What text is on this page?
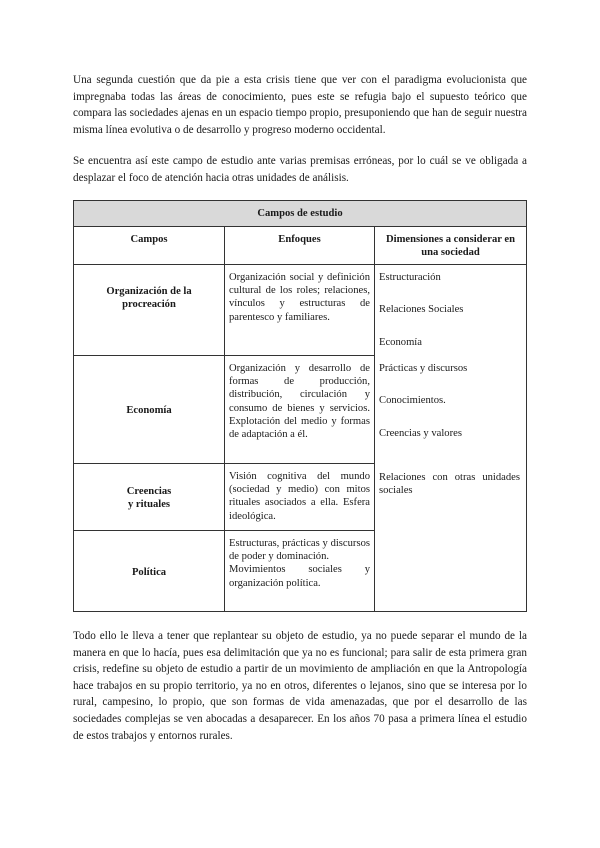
Una segunda cuestión que da pie a esta crisis tiene que ver con el paradigma evolucionista que impregnaba todas las áreas de conocimiento, pues este se refugia bajo el supuesto teórico que compara las sociedades ajenas en un espacio tiempo propio, presuponiendo que han de seguir nuestra misma línea evolutiva o de desarrollo y progreso moderno occidental.

Se encuentra así este campo de estudio ante varias premisas erróneas, por lo cuál se ve obligada a desplazar el foco de atención hacia otras unidades de análisis.

Campos de estudio
Campos	Enfoques	Dimensiones a considerar en una sociedad
Organización de la
procreación
Economía
Creencias
y rituales
Política
Organización social y definición cultural de los roles; relaciones, vínculos y estructuras de parentesco y familiares.
Organización y desarrollo de formas de producción, distribución, circulación y consumo de bienes y servicios. Explotación del medio y formas de adaptación a él.
Visión cognitiva del mundo (sociedad y medio) con mitos rituales asociados a ella. Esfera ideológica.
Estructuras, prácticas y discursos de poder y dominación.
Movimientos sociales y organización política.
Estructuración
Relaciones Sociales
Economía
Prácticas y discursos
Conocimientos.
Creencias y valores
Relaciones con otras unidades sociales

Todo ello le lleva a tener que replantear su objeto de estudio, ya no puede separar el mundo de la manera en que lo hacía, pues esa delimitación que ya no es funcional; para salir de esta primera gran crisis, redefine su objeto de estudio a partir de un movimiento de ampliación en que la Antropología hace trabajos en su propio territorio, ya no en otros, diferentes o lejanos, sino que se interesa por lo rural, campesino, lo propio, que son formas de vida amenazadas, que por el desarrollo de las sociedades complejas se ven abocadas a desaparecer. En los años 70 pasa a primera línea el estudio de estos trabajos y entornos rurales.
